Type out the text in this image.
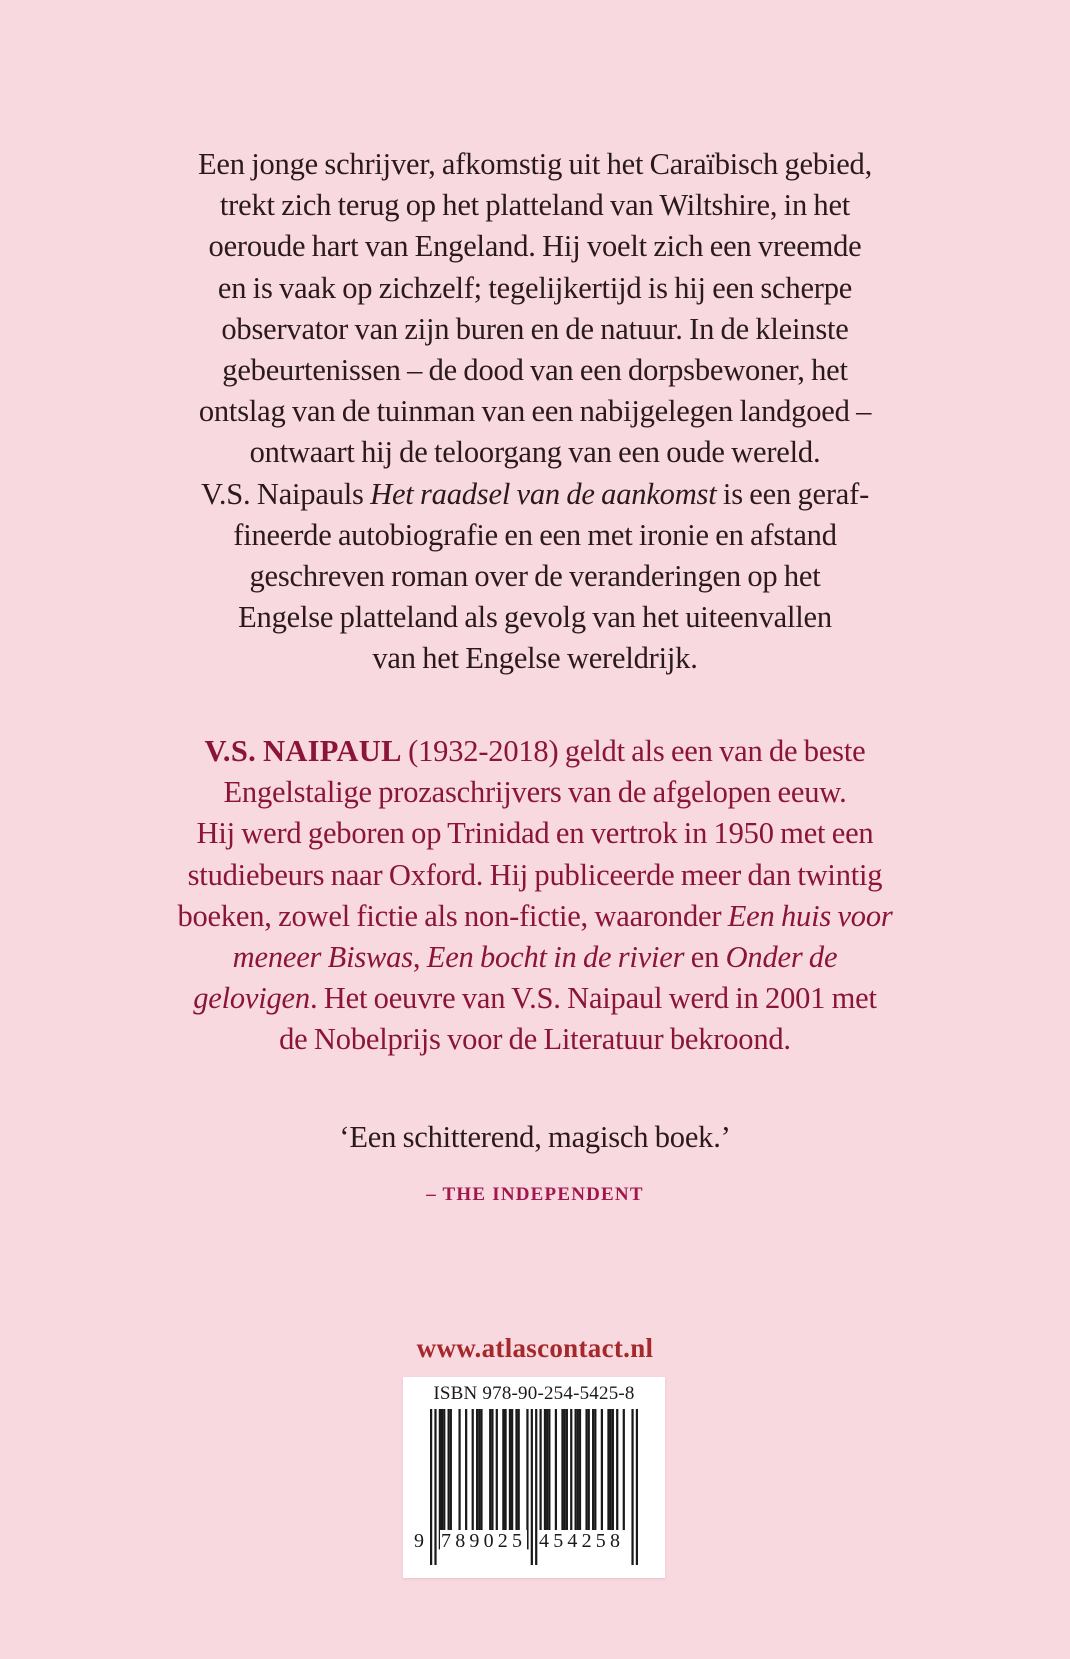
Een jonge schrijver, afkomstig uit het Caraïbisch gebied,
trekt zich terug op het platteland van Wiltshire, in het
oeroude hart van Engeland. Hij voelt zich een vreemde
en is vaak op zichzelf; tegelijkertijd is hij een scherpe
observator van zijn buren en de natuur. In de kleinste
gebeurtenissen – de dood van een dorpsbewoner, het
ontslag van de tuinman van een nabijgelegen landgoed –
ontwaart hij de teloorgang van een oude wereld.
V.S. Naipauls Het raadsel van de aankomst is een geraf-
fineerde autobiografie en een met ironie en afstand
geschreven roman over de veranderingen op het
Engelse platteland als gevolg van het uiteenvallen
van het Engelse wereldrijk.
V.S. NAIPAUL (1932-2018) geldt als een van de beste
Engelstalige prozaschrijvers van de afgelopen eeuw.
Hij werd geboren op Trinidad en vertrok in 1950 met een
studiebeurs naar Oxford. Hij publiceerde meer dan twintig
boeken, zowel fictie als non-fictie, waaronder Een huis voor
meneer Biswas, Een bocht in de rivier en Onder de
gelovigen. Het oeuvre van V.S. Naipaul werd in 2001 met
de Nobelprijs voor de Literatuur bekroond.
‘Een schitterend, magisch boek.’
– THE INDEPENDENT
www.atlascontact.nl
ISBN 978-90-254-5425-8
9 789025 454258
